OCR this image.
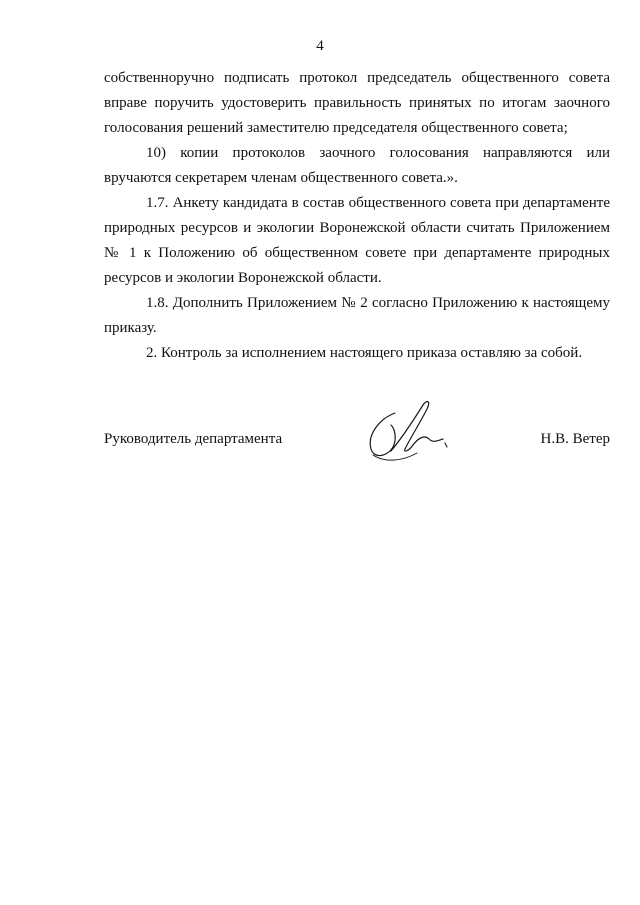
4

собственноручно подписать протокол председатель общественного совета вправе поручить удостоверить правильность принятых по итогам заочного голосования решений заместителю председателя общественного совета;

10) копии протоколов заочного голосования направляются или вручаются секретарем членам общественного совета.».

1.7. Анкету кандидата в состав общественного совета при департаменте природных ресурсов и экологии Воронежской области считать Приложением № 1 к Положению об общественном совете при департаменте природных ресурсов и экологии Воронежской области.

1.8. Дополнить Приложением № 2 согласно Приложению к настоящему приказу.

2. Контроль за исполнением настоящего приказа оставляю за собой.

Руководитель департамента	Н.В. Ветер
